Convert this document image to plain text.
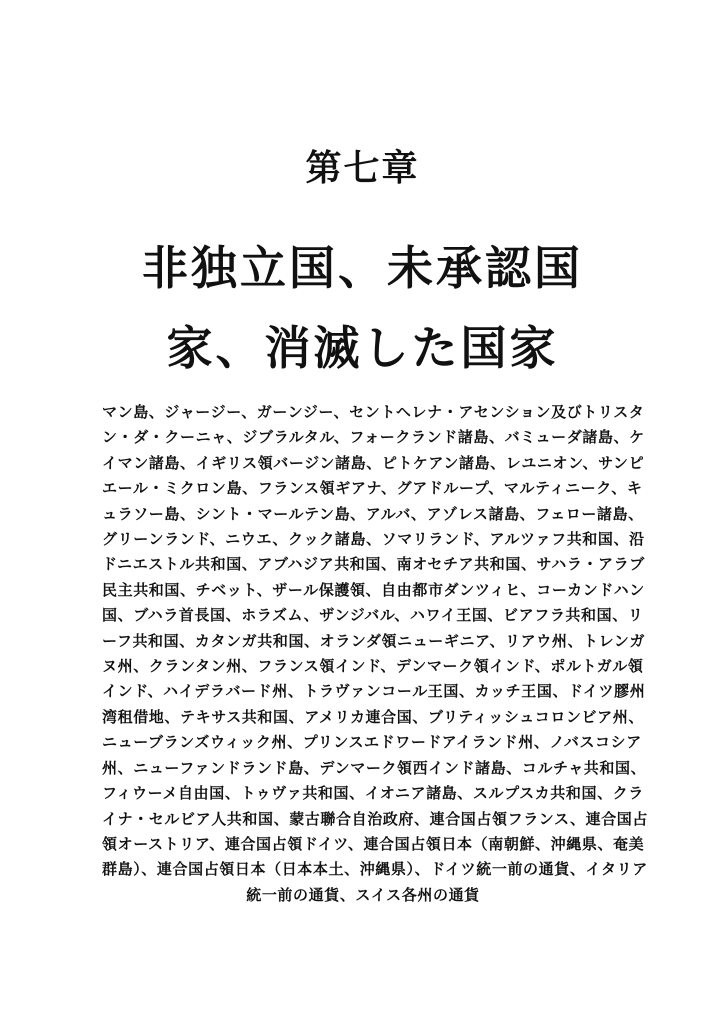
第七章
非独立国、未承認国
家、消滅した国家
マン島、ジャージー、ガーンジー、セントヘレナ・アセンション及びトリスタ
ン・ダ・クーニャ、ジブラルタル、フォークランド諸島、バミューダ諸島、ケ
イマン諸島、イギリス領バージン諸島、ピトケアン諸島、レユニオン、サンピ
エール・ミクロン島、フランス領ギアナ、グアドループ、マルティニーク、キ
ュラソー島、シント・マールテン島、アルバ、アゾレス諸島、フェロー諸島、
グリーンランド、ニウエ、クック諸島、ソマリランド、アルツァフ共和国、沿
ドニエストル共和国、アブハジア共和国、南オセチア共和国、サハラ・アラブ
民主共和国、チベット、ザール保護領、自由都市ダンツィヒ、コーカンドハン
国、ブハラ首長国、ホラズム、ザンジバル、ハワイ王国、ビアフラ共和国、リ
ーフ共和国、カタンガ共和国、オランダ領ニューギニア、リアウ州、トレンガ
ヌ州、クランタン州、フランス領インド、デンマーク領インド、ポルトガル領
インド、ハイデラバード州、トラヴァンコール王国、カッチ王国、ドイツ膠州
湾租借地、テキサス共和国、アメリカ連合国、ブリティッシュコロンビア州、
ニューブランズウィック州、プリンスエドワードアイランド州、ノバスコシア
州、ニューファンドランド島、デンマーク領西インド諸島、コルチャ共和国、
フィウーメ自由国、トゥヴァ共和国、イオニア諸島、スルプスカ共和国、クラ
イナ・セルビア人共和国、蒙古聯合自治政府、連合国占領フランス、連合国占
領オーストリア、連合国占領ドイツ、連合国占領日本（南朝鮮、沖縄県、奄美
群島）、連合国占領日本（日本本土、沖縄県）、ドイツ統一前の通貨、イタリア
統一前の通貨、スイス各州の通貨
